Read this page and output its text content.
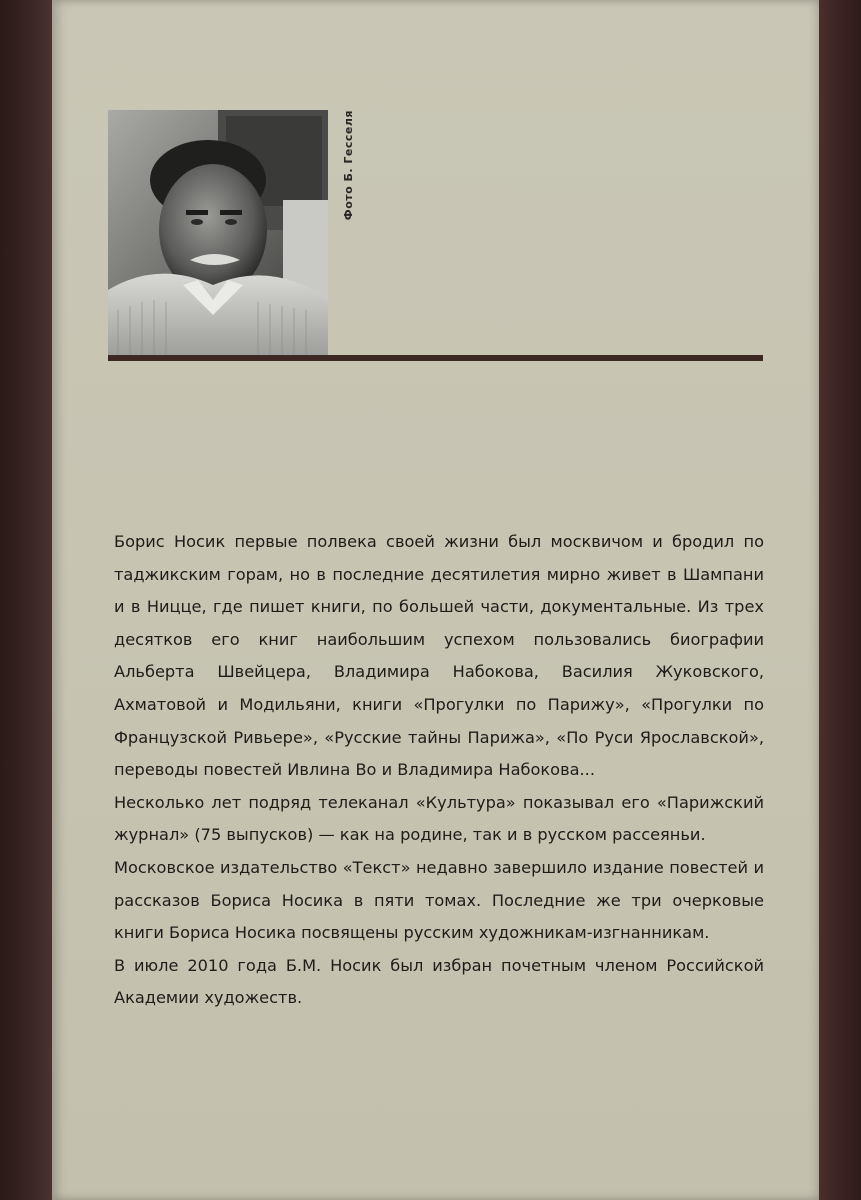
Фото Б. Гесселя

Борис Носик первые полвека своей жизни был москвичом и бродил по таджикским горам, но в последние десятилетия мирно живет в Шампани и в Ницце, где пишет книги, по большей части, документальные. Из трех десятков его книг наибольшим успехом пользовались биографии Альберта Швейцера, Владимира Набокова, Василия Жуковского, Ахматовой и Модильяни, книги «Прогулки по Парижу», «Прогулки по Французской Ривьере», «Русские тайны Парижа», «По Руси Ярославской», переводы повестей Ивлина Во и Владимира Набокова...

Несколько лет подряд телеканал «Культура» показывал его «Парижский журнал» (75 выпусков) — как на родине, так и в русском рассеяньи.

Московское издательство «Текст» недавно завершило издание повестей и рассказов Бориса Носика в пяти томах. Последние же три очерковые книги Бориса Носика посвящены русским художникам-изгнанникам.

В июле 2010 года Б.М. Носик был избран почетным членом Российской Академии художеств.
